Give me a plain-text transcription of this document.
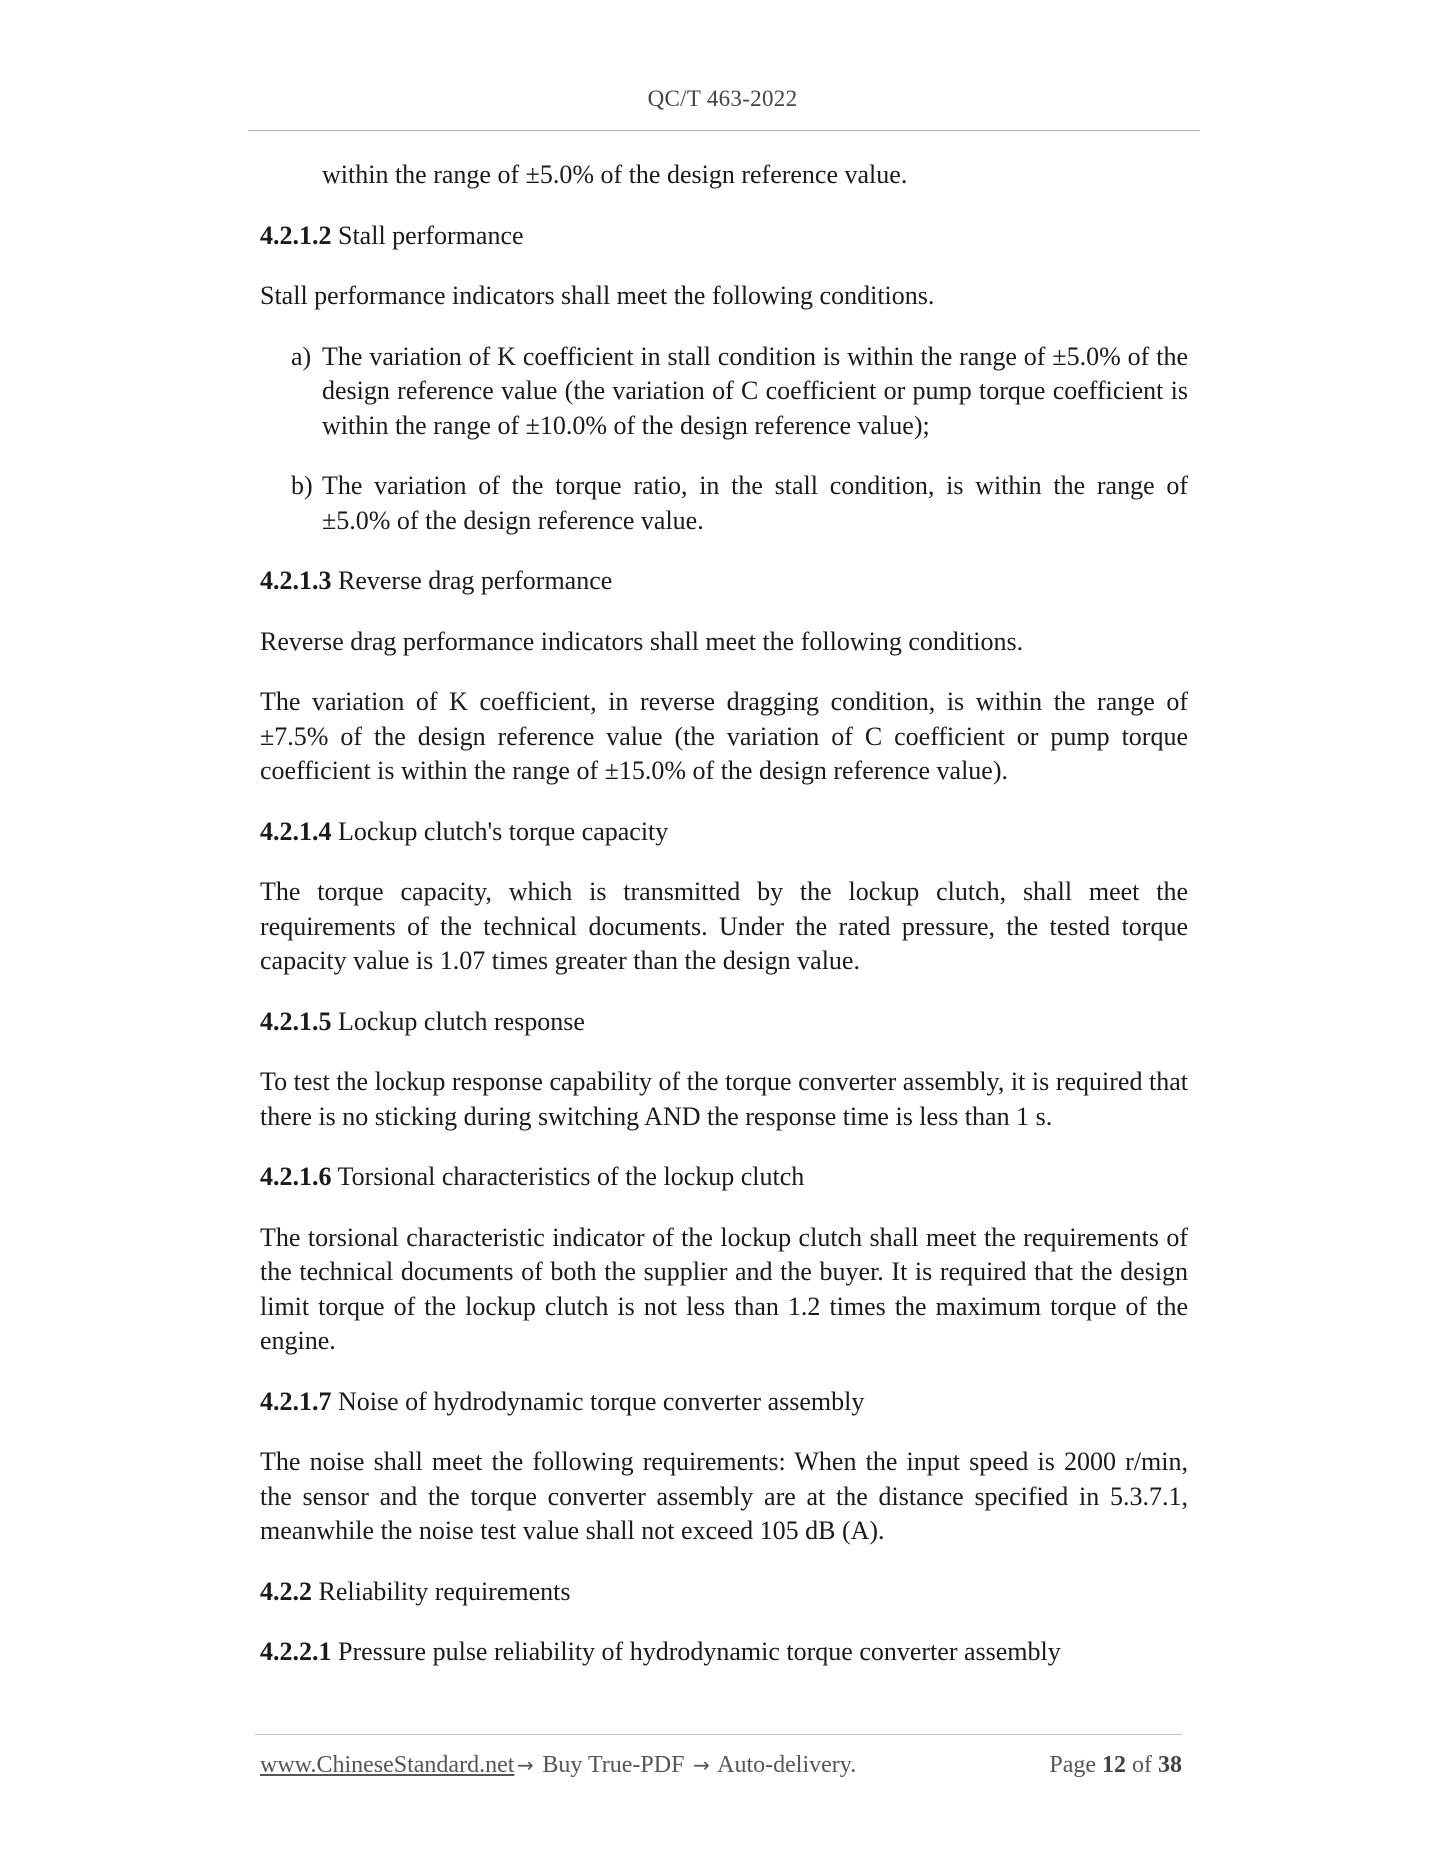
QC/T 463-2022

within the range of ±5.0% of the design reference value.

4.2.1.2 Stall performance

Stall performance indicators shall meet the following conditions.

a) The variation of K coefficient in stall condition is within the range of ±5.0% of the design reference value (the variation of C coefficient or pump torque coefficient is within the range of ±10.0% of the design reference value);
b) The variation of the torque ratio, in the stall condition, is within the range of ±5.0% of the design reference value.

4.2.1.3 Reverse drag performance

Reverse drag performance indicators shall meet the following conditions.

The variation of K coefficient, in reverse dragging condition, is within the range of ±7.5% of the design reference value (the variation of C coefficient or pump torque coefficient is within the range of ±15.0% of the design reference value).

4.2.1.4 Lockup clutch's torque capacity

The torque capacity, which is transmitted by the lockup clutch, shall meet the requirements of the technical documents. Under the rated pressure, the tested torque capacity value is 1.07 times greater than the design value.

4.2.1.5 Lockup clutch response

To test the lockup response capability of the torque converter assembly, it is required that there is no sticking during switching AND the response time is less than 1 s.

4.2.1.6 Torsional characteristics of the lockup clutch

The torsional characteristic indicator of the lockup clutch shall meet the requirements of the technical documents of both the supplier and the buyer. It is required that the design limit torque of the lockup clutch is not less than 1.2 times the maximum torque of the engine.

4.2.1.7 Noise of hydrodynamic torque converter assembly

The noise shall meet the following requirements: When the input speed is 2000 r/min, the sensor and the torque converter assembly are at the distance specified in 5.3.7.1, meanwhile the noise test value shall not exceed 105 dB (A).

4.2.2 Reliability requirements

4.2.2.1 Pressure pulse reliability of hydrodynamic torque converter assembly

www.ChineseStandard.net → Buy True-PDF → Auto-delivery.	Page 12 of 38
